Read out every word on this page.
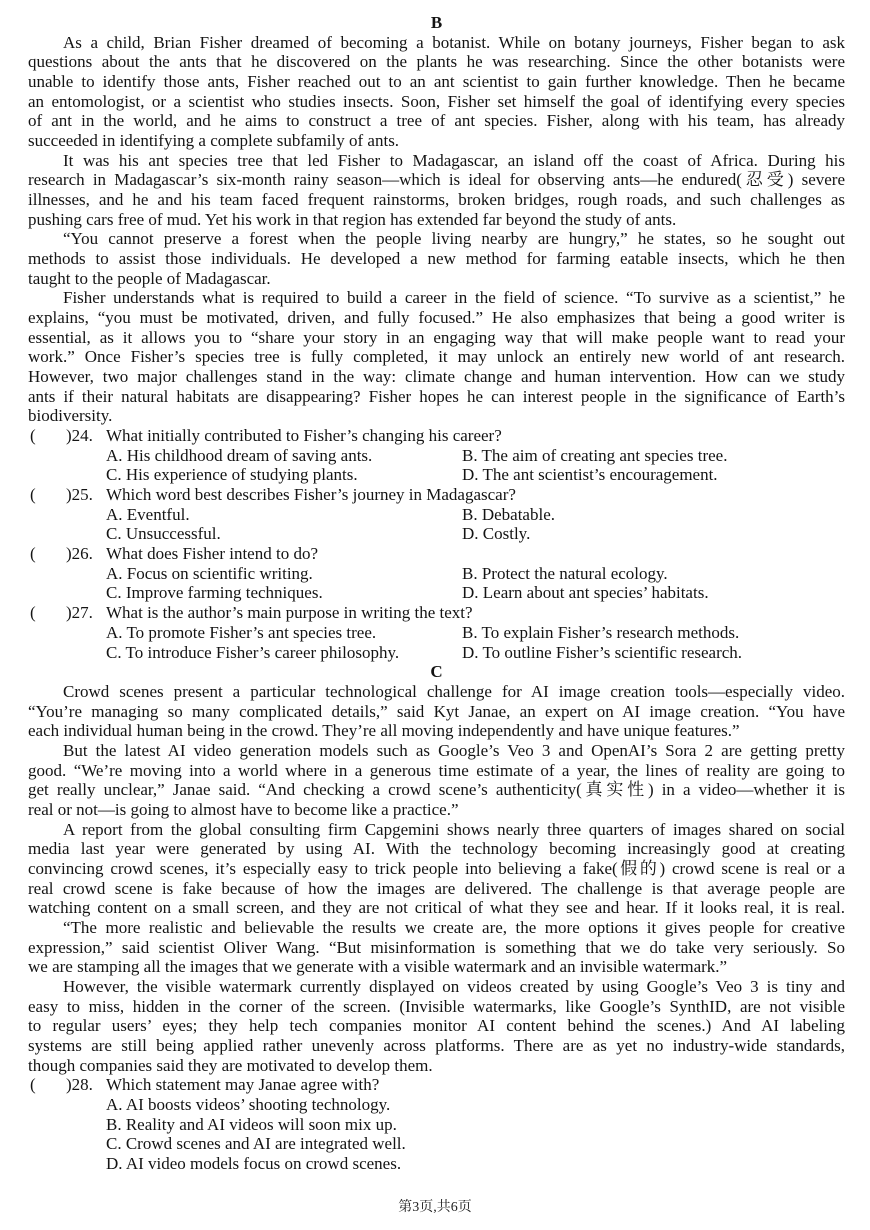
B
As a child, Brian Fisher dreamed of becoming a botanist. While on botany journeys, Fisher began to ask
questions about the ants that he discovered on the plants he was researching. Since the other botanists were
unable to identify those ants, Fisher reached out to an ant scientist to gain further knowledge. Then he became
an entomologist, or a scientist who studies insects. Soon, Fisher set himself the goal of identifying every species
of ant in the world, and he aims to construct a tree of ant species. Fisher, along with his team, has already
succeeded in identifying a complete subfamily of ants.
It was his ant species tree that led Fisher to Madagascar, an island off the coast of Africa. During his
research in Madagascar’s six-month rainy season—which is ideal for observing ants—he endured(忍受) severe
illnesses, and he and his team faced frequent rainstorms, broken bridges, rough roads, and such challenges as
pushing cars free of mud. Yet his work in that region has extended far beyond the study of ants.
“You cannot preserve a forest when the people living nearby are hungry,” he states, so he sought out
methods to assist those individuals. He developed a new method for farming eatable insects, which he then
taught to the people of Madagascar.
Fisher understands what is required to build a career in the field of science. “To survive as a scientist,” he
explains, “you must be motivated, driven, and fully focused.” He also emphasizes that being a good writer is
essential, as it allows you to “share your story in an engaging way that will make people want to read your
work.” Once Fisher’s species tree is fully completed, it may unlock an entirely new world of ant research.
However, two major challenges stand in the way: climate change and human intervention. How can we study
ants if their natural habitats are disappearing? Fisher hopes he can interest people in the significance of Earth’s
biodiversity.
( )24. What initially contributed to Fisher’s changing his career?
A. His childhood dream of saving ants.	B. The aim of creating ant species tree.
C. His experience of studying plants.	D. The ant scientist’s encouragement.
( )25. Which word best describes Fisher’s journey in Madagascar?
A. Eventful.	B. Debatable.
C. Unsuccessful.	D. Costly.
( )26. What does Fisher intend to do?
A. Focus on scientific writing.	B. Protect the natural ecology.
C. Improve farming techniques.	D. Learn about ant species’ habitats.
( )27. What is the author’s main purpose in writing the text?
A. To promote Fisher’s ant species tree.	B. To explain Fisher’s research methods.
C. To introduce Fisher’s career philosophy.	D. To outline Fisher’s scientific research.
C
Crowd scenes present a particular technological challenge for AI image creation tools—especially video.
“You’re managing so many complicated details,” said Kyt Janae, an expert on AI image creation. “You have
each individual human being in the crowd. They’re all moving independently and have unique features.”
But the latest AI video generation models such as Google’s Veo 3 and OpenAI’s Sora 2 are getting pretty
good. “We’re moving into a world where in a generous time estimate of a year, the lines of reality are going to
get really unclear,” Janae said. “And checking a crowd scene’s authenticity(真实性) in a video—whether it is
real or not—is going to almost have to become like a practice.”
A report from the global consulting firm Capgemini shows nearly three quarters of images shared on social
media last year were generated by using AI. With the technology becoming increasingly good at creating
convincing crowd scenes, it’s especially easy to trick people into believing a fake(假的) crowd scene is real or a
real crowd scene is fake because of how the images are delivered. The challenge is that average people are
watching content on a small screen, and they are not critical of what they see and hear. If it looks real, it is real.
“The more realistic and believable the results we create are, the more options it gives people for creative
expression,” said scientist Oliver Wang. “But misinformation is something that we do take very seriously. So
we are stamping all the images that we generate with a visible watermark and an invisible watermark.”
However, the visible watermark currently displayed on videos created by using Google’s Veo 3 is tiny and
easy to miss, hidden in the corner of the screen. (Invisible watermarks, like Google’s SynthID, are not visible
to regular users’ eyes; they help tech companies monitor AI content behind the scenes.) And AI labeling
systems are still being applied rather unevenly across platforms. There are as yet no industry-wide standards,
though companies said they are motivated to develop them.
( )28. Which statement may Janae agree with?
A. AI boosts videos’ shooting technology.
B. Reality and AI videos will soon mix up.
C. Crowd scenes and AI are integrated well.
D. AI video models focus on crowd scenes.
第3页,共6页
